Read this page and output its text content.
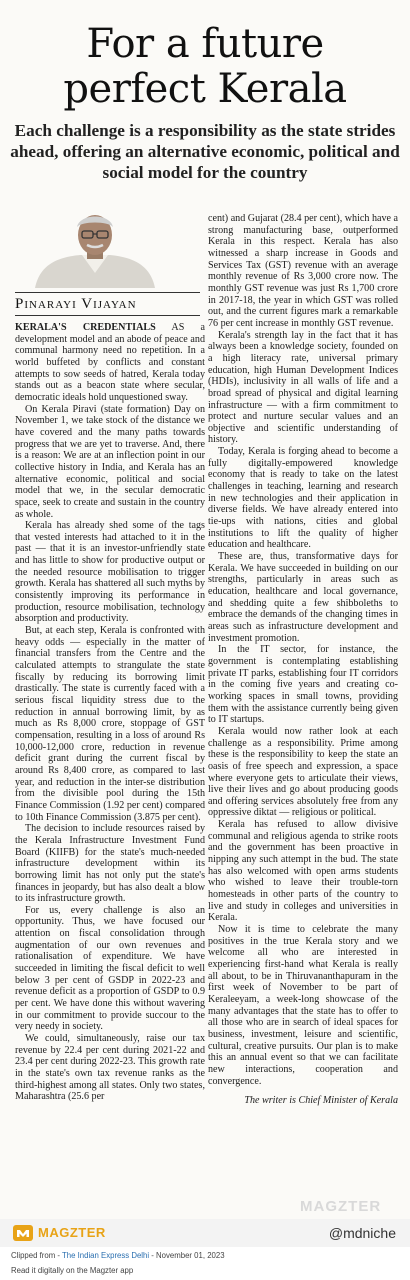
For a future
perfect Kerala
Each challenge is a responsibility as the state strides ahead, offering an alternative economic, political and social model for the country
Pinarayi Vijayan

KERALA'S CREDENTIALS AS a development model and an abode of peace and communal harmony need no repetition. In a world buffeted by conflicts and constant attempts to sow seeds of hatred, Kerala today stands out as a beacon state where secular, democratic ideals hold unquestioned sway.

On Kerala Piravi (state formation) Day on November 1, we take stock of the distance we have covered and the many paths towards progress that we are yet to traverse. And, there is a reason: We are at an inflection point in our collective history in India, and Kerala has an alternative economic, political and social model that we, in the secular democratic space, seek to create and sustain in the country as whole.

Kerala has already shed some of the tags that vested interests had attached to it in the past — that it is an investor-unfriendly state and has little to show for productive output or the needed resource mobilisation to trigger growth. Kerala has shattered all such myths by consistently improving its performance in production, resource mobilisation, technology absorption and productivity.

But, at each step, Kerala is confronted with heavy odds — especially in the matter of financial transfers from the Centre and the calculated attempts to strangulate the state fiscally by reducing its borrowing limit drastically. The state is currently faced with a serious fiscal liquidity stress due to the reduction in annual borrowing limit, by as much as Rs 8,000 crore, stoppage of GST compensation, resulting in a loss of around Rs 10,000-12,000 crore, reduction in revenue deficit grant during the current fiscal by around Rs 8,400 crore, as compared to last year, and reduction in the inter-se distribution from the divisible pool during the 15th Finance Commission (1.92 per cent) compared to 10th Finance Commission (3.875 per cent).

The decision to include resources raised by the Kerala Infrastructure Investment Fund Board (KIIFB) for the state's much-needed infrastructure development within its borrowing limit has not only put the state's finances in jeopardy, but has also dealt a blow to its infrastructure growth.

For us, every challenge is also an opportunity. Thus, we have focused our attention on fiscal consolidation through augmentation of our own revenues and rationalisation of expenditure. We have succeeded in limiting the fiscal deficit to well below 3 per cent of GSDP in 2022-23 and revenue deficit as a proportion of GSDP to 0.9 per cent. We have done this without wavering in our commitment to provide succour to the very needy in society.

We could, simultaneously, raise our tax revenue by 22.4 per cent during 2021-22 and 23.4 per cent during 2022-23. This growth rate in the state's own tax revenue ranks as the third-highest among all states. Only two states, Maharashtra (25.6 per

cent) and Gujarat (28.4 per cent), which have a strong manufacturing base, outperformed Kerala in this respect. Kerala has also witnessed a sharp increase in Goods and Services Tax (GST) revenue with an average monthly revenue of Rs 3,000 crore now. The monthly GST revenue was just Rs 1,700 crore in 2017-18, the year in which GST was rolled out, and the current figures mark a remarkable 76 per cent increase in monthly GST revenue.

Kerala's strength lay in the fact that it has always been a knowledge society, founded on a high literacy rate, universal primary education, high Human Development Indices (HDIs), inclusivity in all walls of life and a broad spread of physical and digital learning infrastructure — with a firm commitment to protect and nurture secular values and an objective and scientific understanding of history.

Today, Kerala is forging ahead to become a fully digitally-empowered knowledge economy that is ready to take on the latest challenges in teaching, learning and research in new technologies and their application in diverse fields. We have already entered into tie-ups with nations, cities and global institutions to lift the quality of higher education and healthcare.

These are, thus, transformative days for Kerala. We have succeeded in building on our strengths, particularly in areas such as education, healthcare and local governance, and shedding quite a few shibboleths to embrace the demands of the changing times in areas such as infrastructure development and investment promotion.

In the IT sector, for instance, the government is contemplating establishing private IT parks, establishing four IT corridors in the coming five years and creating co-working spaces in small towns, providing them with the assistance currently being given to IT startups.

Kerala would now rather look at each challenge as a responsibility. Prime among these is the responsibility to keep the state an oasis of free speech and expression, a space where everyone gets to articulate their views, live their lives and go about producing goods and offering services absolutely free from any oppressive diktat — religious or political.

Kerala has refused to allow divisive communal and religious agenda to strike roots and the government has been proactive in nipping any such attempt in the bud. The state has also welcomed with open arms students who wished to leave their trouble-torn homesteads in other parts of the country to live and study in colleges and universities in Kerala.

Now it is time to celebrate the many positives in the true Kerala story and we welcome all who are interested in experiencing first-hand what Kerala is really all about, to be in Thiruvananthapuram in the first week of November to be part of Keraleeyam, a week-long showcase of the many advantages that the state has to offer to all those who are in search of ideal spaces for business, investment, leisure and scientific, cultural, creative pursuits. Our plan is to make this an annual event so that we can facilitate new interactions, cooperation and convergence.

The writer is Chief Minister of Kerala

MAGZTER
MAGZTER	@mdniche
Clipped from - The Indian Express Delhi - November 01, 2023
Read it digitally on the Magzter app
